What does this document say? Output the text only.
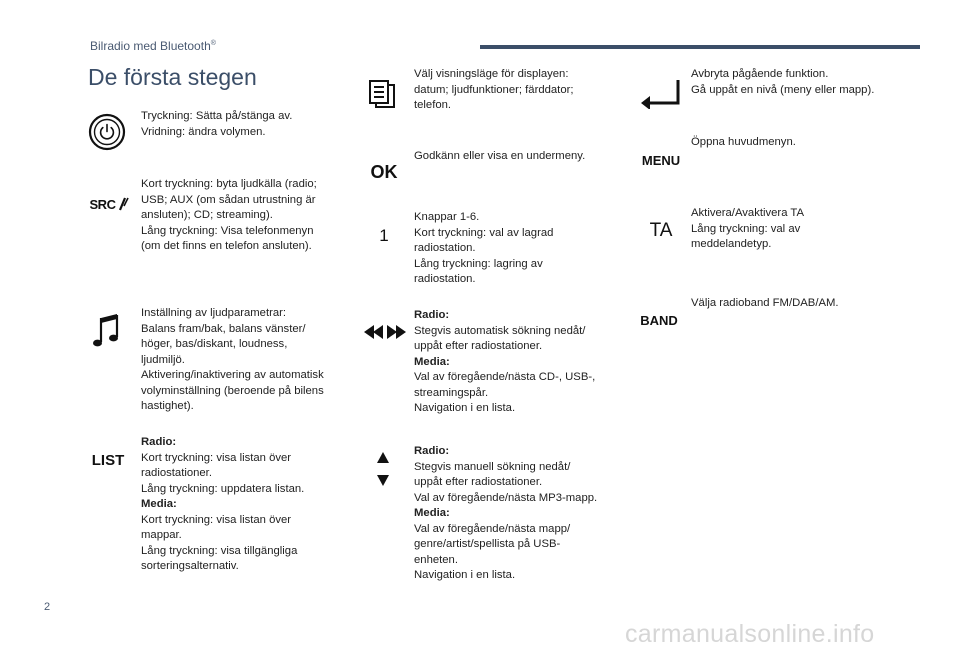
Bilradio med Bluetooth®
De första stegen
Tryckning: Sätta på/stänga av.
Vridning: ändra volymen.
SRC
Kort tryckning: byta ljudkälla (radio;
USB; AUX (om sådan utrustning är
ansluten); CD; streaming).
Lång tryckning: Visa telefonmenyn
(om det finns en telefon ansluten).
Inställning av ljudparametrar:
Balans fram/bak, balans vänster/
höger, bas/diskant, loudness,
ljudmiljö.
Aktivering/inaktivering av automatisk
volyminställning (beroende på bilens
hastighet).
LIST
Radio:
Kort tryckning: visa listan över
radiostationer.
Lång tryckning: uppdatera listan.
Media:
Kort tryckning: visa listan över
mappar.
Lång tryckning: visa tillgängliga
sorteringsalternativ.
Välj visningsläge för displayen:
datum; ljudfunktioner; färddator;
telefon.
OK
Godkänn eller visa en undermeny.
1
Knappar 1-6.
Kort tryckning: val av lagrad
radiostation.
Lång tryckning: lagring av
radiostation.
Radio:
Stegvis automatisk sökning nedåt/
uppåt efter radiostationer.
Media:
Val av föregående/nästa CD-, USB-,
streamingspår.
Navigation i en lista.
Radio:
Stegvis manuell sökning nedåt/
uppåt efter radiostationer.
Val av föregående/nästa MP3-mapp.
Media:
Val av föregående/nästa mapp/
genre/artist/spellista på USB-
enheten.
Navigation i en lista.
Avbryta pågående funktion.
Gå uppåt en nivå (meny eller mapp).
MENU
Öppna huvudmenyn.
TA
Aktivera/Avaktivera TA
Lång tryckning: val av
meddelandetyp.
BAND
Välja radioband FM/DAB/AM.
2
carmanualsonline.info
